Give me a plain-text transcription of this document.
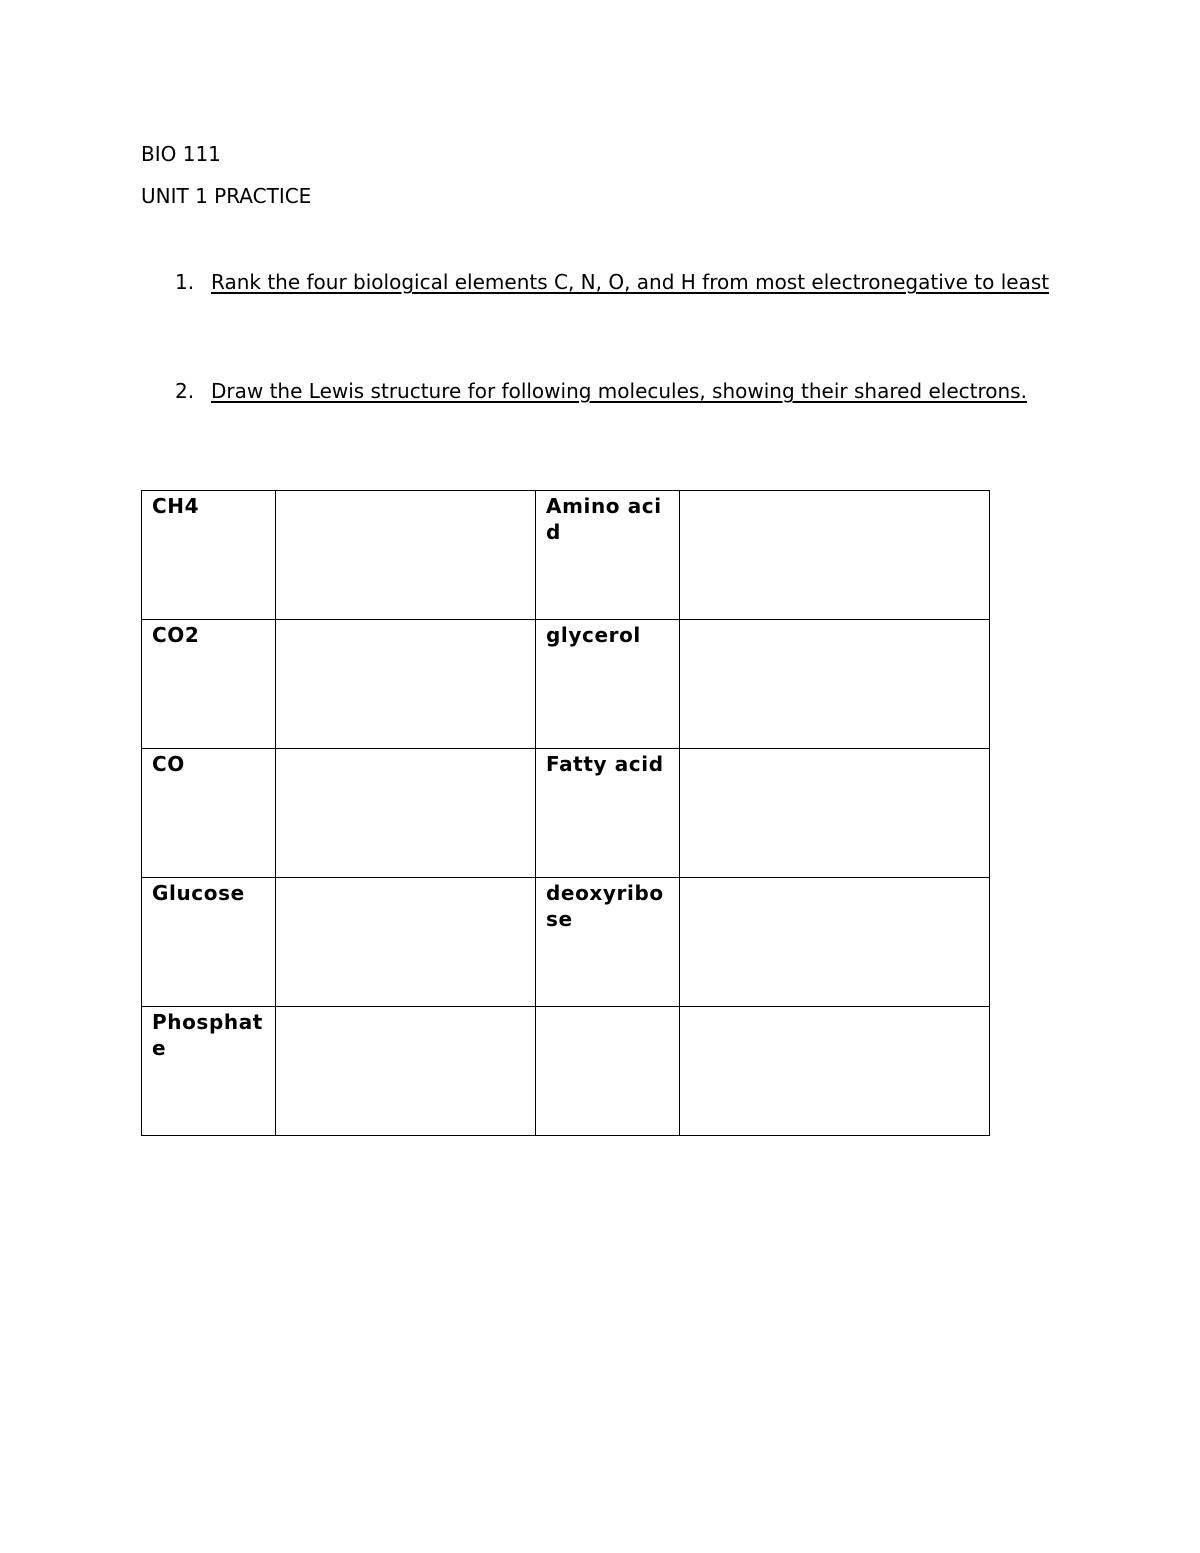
BIO 111
UNIT 1 PRACTICE
1. Rank the four biological elements C, N, O, and H from most electronegative to least
2. Draw the Lewis structure for following molecules, showing their shared electrons.
CH4		Amino acid	

CO2		glycerol	

CO		Fatty acid	

Glucose		deoxyribose	

Phosphate			
